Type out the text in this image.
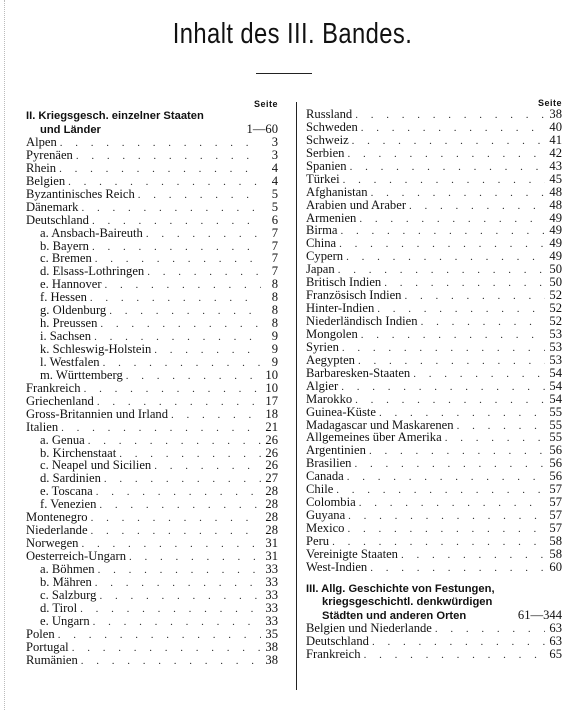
Inhalt des III. Bandes.
Seite
II. Kriegsgesch. einzelner Staaten
und Länder	1—60
Alpen . . .	3
Pyrenäen . . .	3
Rhein . . .	4
Belgien . . .	4
Byzantinisches Reich . . .	5
Dänemark . . .	5
Deutschland . . .	6
a. Ansbach-Baireuth . . .	7
b. Bayern . . .	7
c. Bremen . . .	7
d. Elsass-Lothringen . . .	7
e. Hannover . . .	8
f. Hessen . . .	8
g. Oldenburg . . .	8
h. Preussen . . .	8
i. Sachsen . . .	9
k. Schleswig-Holstein . . .	9
l. Westfalen . . .	9
m. Württemberg . . .	10
Frankreich . . .	10
Griechenland . . .	17
Gross-Britannien und Irland . . .	18
Italien . . .	21
a. Genua . . .	26
b. Kirchenstaat . . .	26
c. Neapel und Sicilien . . .	26
d. Sardinien . . .	27
e. Toscana . . .	28
f. Venezien . . .	28
Montenegro . . .	28
Niederlande . . .	28
Norwegen . . .	31
Oesterreich-Ungarn . . .	31
a. Böhmen . . .	33
b. Mähren . . .	33
c. Salzburg . . .	33
d. Tirol . . .	33
e. Ungarn . . .	33
Polen . . .	35
Portugal . . .	38
Rumänien . . .	38
Seite
Russland . . .	38
Schweden . . .	40
Schweiz . . .	41
Serbien . . .	42
Spanien . . .	43
Türkei . . .	45
Afghanistan . . .	48
Arabien und Araber . . .	48
Armenien . . .	49
Birma . . .	49
China . . .	49
Cypern . . .	49
Japan . . .	50
Britisch Indien . . .	50
Französisch Indien . . .	52
Hinter-Indien . . .	52
Niederländisch Indien . . .	52
Mongolen . . .	53
Syrien . . .	53
Aegypten . . .	53
Barbaresken-Staaten . . .	54
Algier . . .	54
Marokko . . .	54
Guinea-Küste . . .	55
Madagascar und Maskarenen . . .	55
Allgemeines über Amerika . . .	55
Argentinien . . .	56
Brasilien . . .	56
Canada . . .	56
Chile . . .	57
Colombia . . .	57
Guyana . . .	57
Mexico . . .	57
Peru . . .	58
Vereinigte Staaten . . .	58
West-Indien . . .	60
III. Allg. Geschichte von Festungen,
kriegsgeschichtl. denkwürdigen
Städten und anderen Orten	61—344
Belgien und Niederlande . . .	63
Deutschland . . .	63
Frankreich . . .	65
